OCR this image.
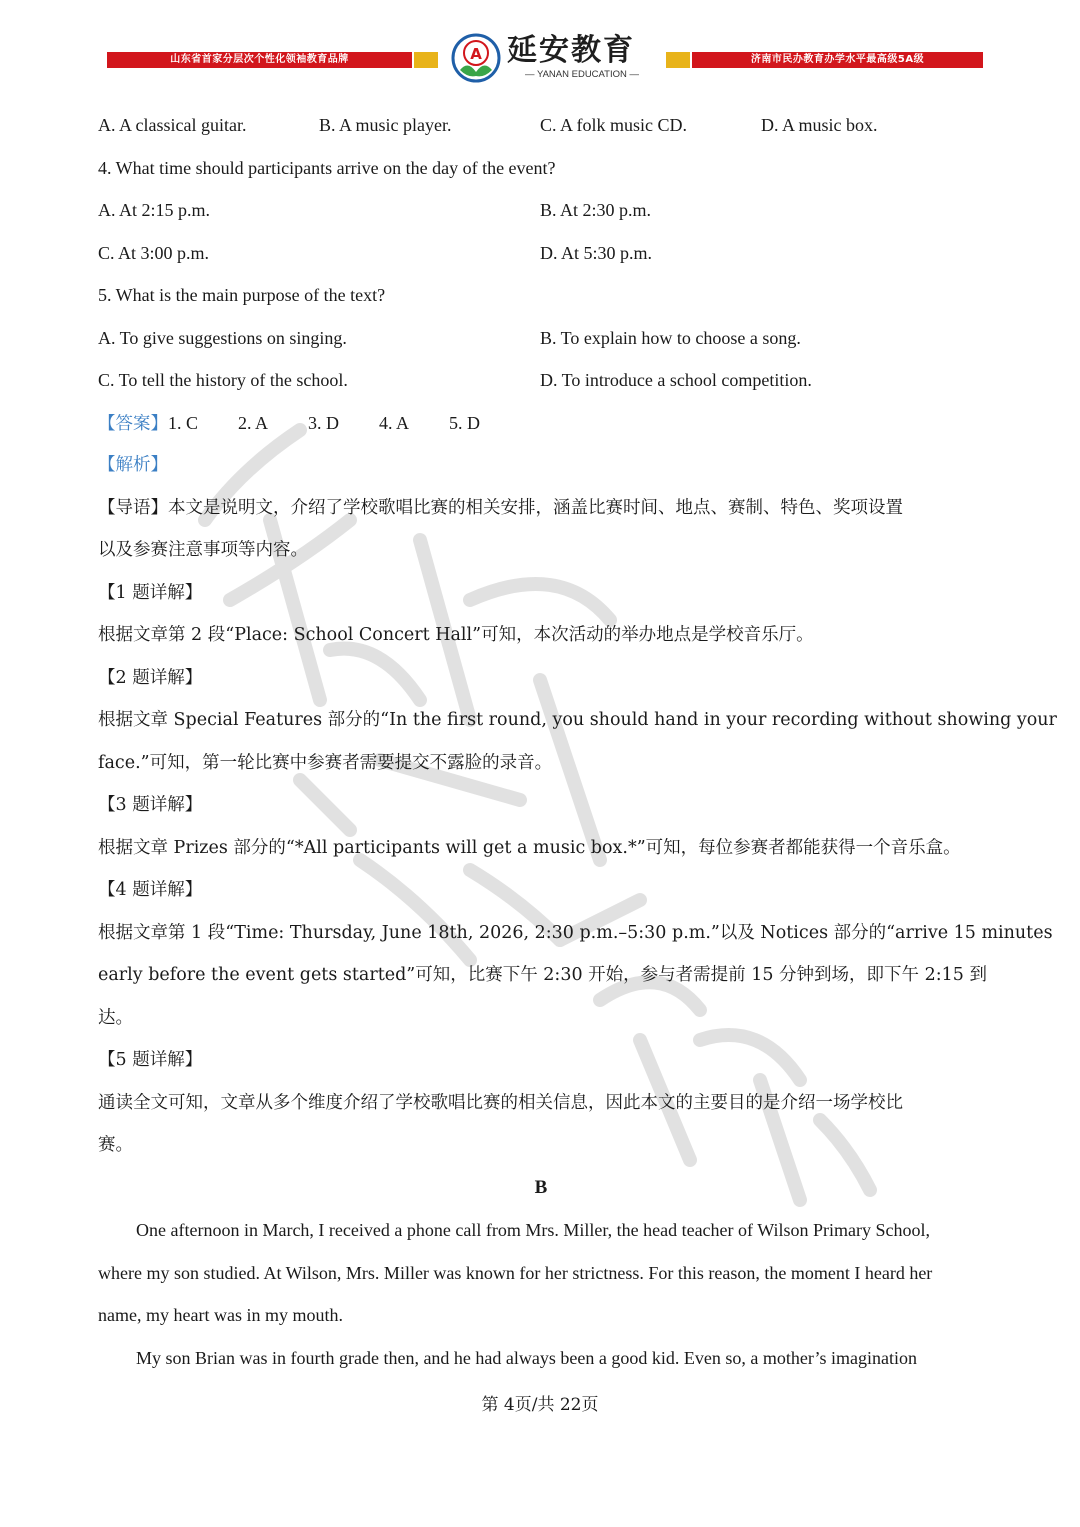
山东省首家分层次个性化领袖教育品牌	A 延安教育
— YANAN EDUCATION —
济南市民办教育办学水平最高级5A级
A. A classical guitar.	B. A music player.	C. A folk music CD.	D. A music box.
4. What time should participants arrive on the day of the event?
A. At 2:15 p.m.	B. At 2:30 p.m.
C. At 3:00 p.m.	D. At 5:30 p.m.
5. What is the main purpose of the text?
A. To give suggestions on singing.	B. To explain how to choose a song.
C. To tell the history of the school.	D. To introduce a school competition.
【答案】1. C 2. A 3. D 4. A 5. D
【解析】
【导语】本文是说明文，介绍了学校歌唱比赛的相关安排，涵盖比赛时间、地点、赛制、特色、奖项设置
以及参赛注意事项等内容。
【1 题详解】
根据文章第 2 段“Place: School Concert Hall”可知，本次活动的举办地点是学校音乐厅。
【2 题详解】
根据文章 Special Features 部分的“In the first round, you should hand in your recording without showing your
face.”可知，第一轮比赛中参赛者需要提交不露脸的录音。
【3 题详解】
根据文章 Prizes 部分的“*All participants will get a music box.*”可知，每位参赛者都能获得一个音乐盒。
【4 题详解】
根据文章第 1 段“Time: Thursday, June 18th, 2026, 2:30 p.m.–5:30 p.m.”以及 Notices 部分的“arrive 15 minutes
early before the event gets started”可知，比赛下午 2:30 开始，参与者需提前 15 分钟到场，即下午 2:15 到
达。
【5 题详解】
通读全文可知，文章从多个维度介绍了学校歌唱比赛的相关信息，因此本文的主要目的是介绍一场学校比
赛。
B
One afternoon in March, I received a phone call from Mrs. Miller, the head teacher of Wilson Primary School,
where my son studied. At Wilson, Mrs. Miller was known for her strictness. For this reason, the moment I heard her
name, my heart was in my mouth.
My son Brian was in fourth grade then, and he had always been a good kid. Even so, a mother’s imagination
第 4页/共 22页
